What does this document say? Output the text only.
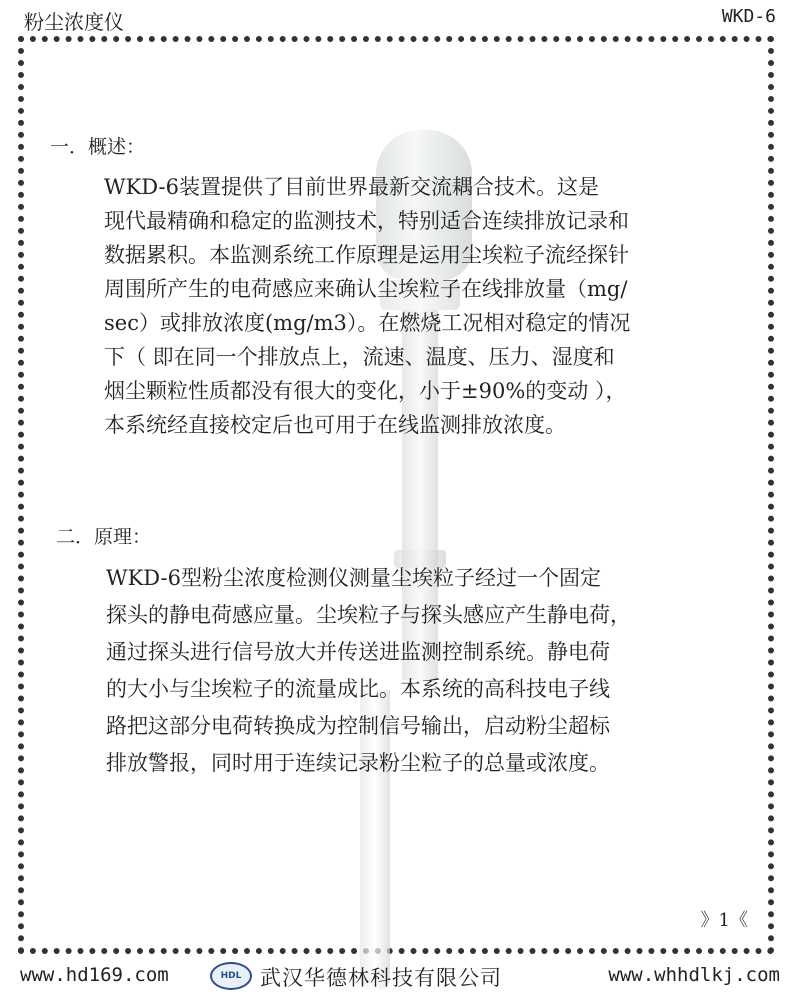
粉尘浓度仪	WKD-6
一．概述：

WKD-6装置提供了目前世界最新交流耦合技术。这是
现代最精确和稳定的监测技术，特别适合连续排放记录和
数据累积。本监测系统工作原理是运用尘埃粒子流经探针
周围所产生的电荷感应来确认尘埃粒子在线排放量（mg/
sec）或排放浓度(mg/m3）。在燃烧工况相对稳定的情况
下（ 即在同一个排放点上，流速、温度、压力、湿度和
烟尘颗粒性质都没有很大的变化，小于±90%的变动 ），
本系统经直接校定后也可用于在线监测排放浓度。

二．原理：

WKD-6型粉尘浓度检测仪测量尘埃粒子经过一个固定
探头的静电荷感应量。尘埃粒子与探头感应产生静电荷，
通过探头进行信号放大并传送进监测控制系统。静电荷
的大小与尘埃粒子的流量成比。本系统的高科技电子线
路把这部分电荷转换成为控制信号输出，启动粉尘超标
排放警报，同时用于连续记录粉尘粒子的总量或浓度。

》1《
www.hd169.com	HDL 武汉华德林科技有限公司	www.whhdlkj.com
